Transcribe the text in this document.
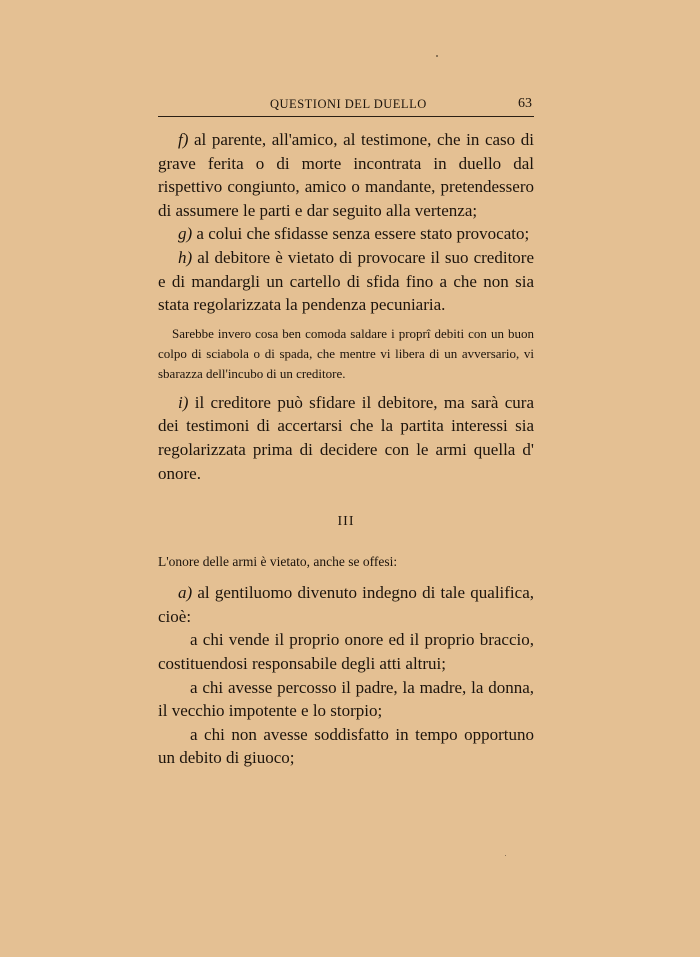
QUESTIONI DEL DUELLO	63

f) al parente, all'amico, al testimone, che in caso di grave ferita o di morte incontrata in duello dal rispettivo congiunto, amico o mandante, pretendessero di assumere le parti e dar seguito alla vertenza;

g) a colui che sfidasse senza essere stato provocato;

h) al debitore è vietato di provocare il suo creditore e di mandargli un cartello di sfida fino a che non sia stata regolarizzata la pendenza pecuniaria.

Sarebbe invero cosa ben comoda saldare i proprî debiti con un buon colpo di sciabola o di spada, che mentre vi libera di un avversario, vi sbarazza dell'incubo di un creditore.

i) il creditore può sfidare il debitore, ma sarà cura dei testimoni di accertarsi che la partita interessi sia regolarizzata prima di decidere con le armi quella d' onore.

III

L'onore delle armi è vietato, anche se offesi:

a) al gentiluomo divenuto indegno di tale qualifica, cioè:

a chi vende il proprio onore ed il proprio braccio, costituendosi responsabile degli atti altrui;

a chi avesse percosso il padre, la madre, la donna, il vecchio impotente e lo storpio;

a chi non avesse soddisfatto in tempo opportuno un debito di giuoco;
